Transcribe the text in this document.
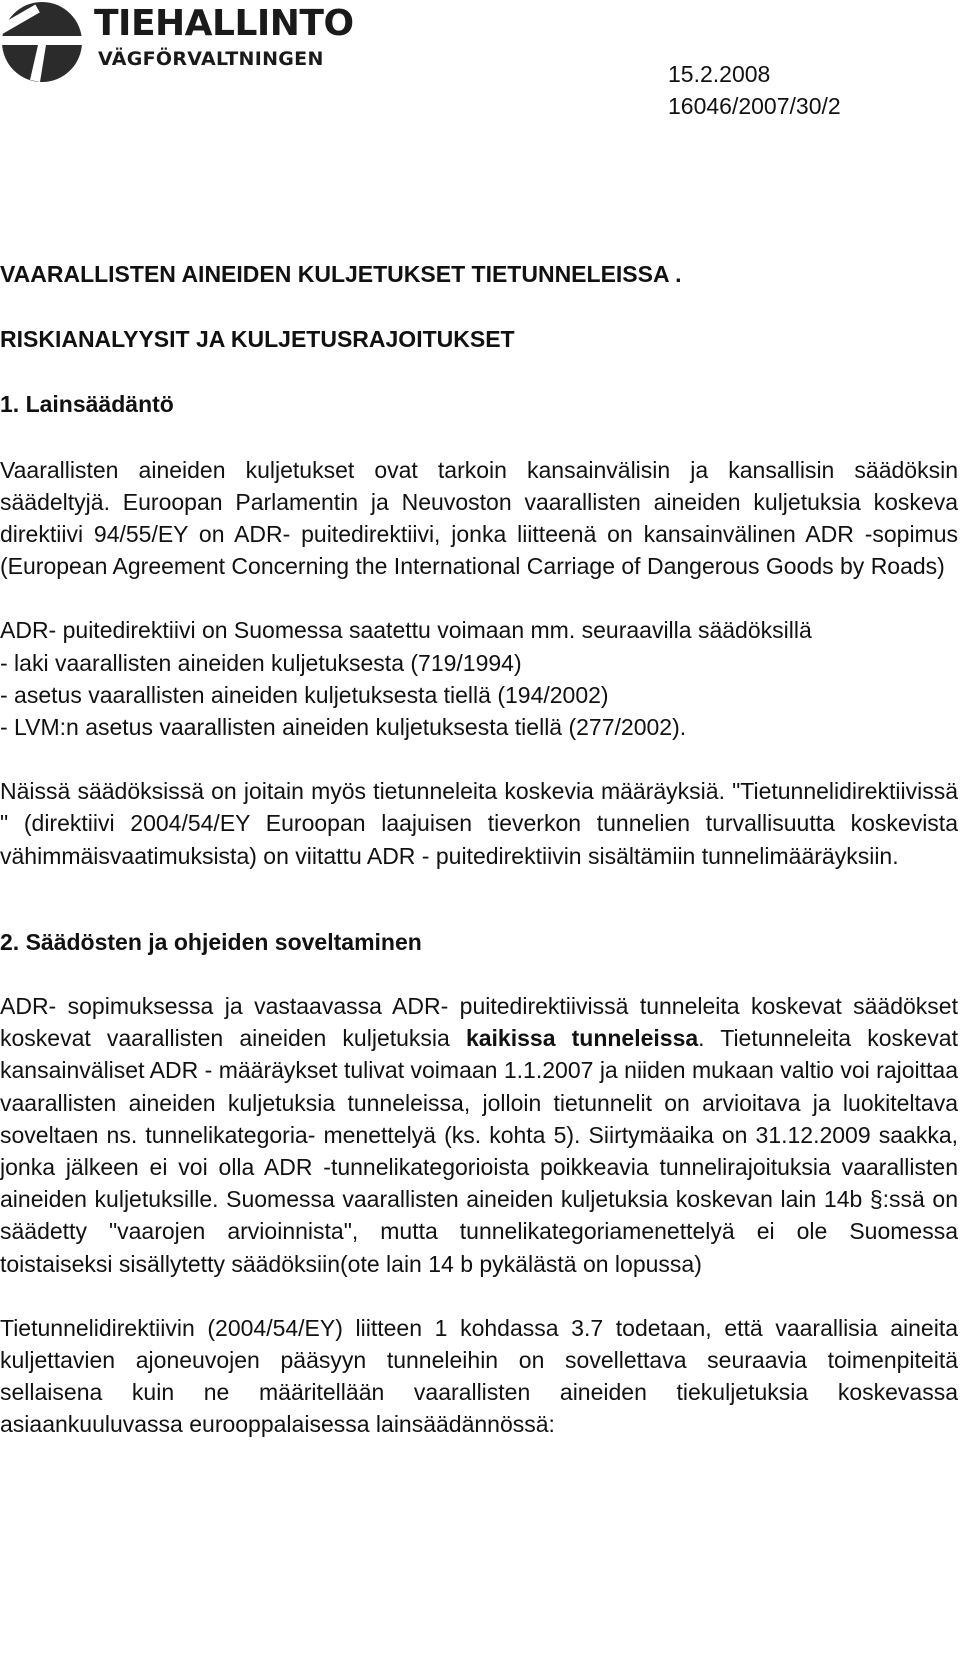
TIEHALLINTO
VÄGFÖRVALTNINGEN
15.2.2008
16046/2007/30/2
VAARALLISTEN AINEIDEN KULJETUKSET TIETUNNELEISSA .
RISKIANALYYSIT JA KULJETUSRAJOITUKSET
1. Lainsäädäntö

Vaarallisten aineiden kuljetukset ovat tarkoin kansainvälisin ja kansallisin säädöksin säädeltyjä. Euroopan Parlamentin ja Neuvoston vaarallisten aineiden kuljetuksia koskeva direktiivi 94/55/EY on ADR- puitedirektiivi, jonka liitteenä on kansainvälinen ADR -sopimus (European Agreement Concerning the International Carriage of Dangerous Goods by Roads)

ADR- puitedirektiivi on Suomessa saatettu voimaan mm. seuraavilla säädöksillä

- laki vaarallisten aineiden kuljetuksesta (719/1994)
- asetus vaarallisten aineiden kuljetuksesta tiellä (194/2002)
- LVM:n asetus vaarallisten aineiden kuljetuksesta tiellä (277/2002).

Näissä säädöksissä on joitain myös tietunneleita koskevia määräyksiä. "Tietunnelidirektiivissä " (direktiivi 2004/54/EY Euroopan laajuisen tieverkon tunnelien turvallisuutta koskevista vähimmäisvaatimuksista) on viitattu ADR - puitedirektiivin sisältämiin tunnelimääräyksiin.

2. Säädösten ja ohjeiden soveltaminen

ADR- sopimuksessa ja vastaavassa ADR- puitedirektiivissä tunneleita koskevat säädökset koskevat vaarallisten aineiden kuljetuksia kaikissa tunneleissa. Tietunneleita koskevat kansainväliset ADR - määräykset tulivat voimaan 1.1.2007 ja niiden mukaan valtio voi rajoittaa vaarallisten aineiden kuljetuksia tunneleissa, jolloin tietunnelit on arvioitava ja luokiteltava soveltaen ns. tunnelikategoria- menettelyä (ks. kohta 5). Siirtymäaika on 31.12.2009 saakka, jonka jälkeen ei voi olla ADR -tunnelikategorioista poikkeavia tunnelirajoituksia vaarallisten aineiden kuljetuksille. Suomessa vaarallisten aineiden kuljetuksia koskevan lain 14b §:ssä on säädetty "vaarojen arvioinnista", mutta tunnelikategoriamenettelyä ei ole Suomessa toistaiseksi sisällytetty säädöksiin(ote lain 14 b pykälästä on lopussa)

Tietunnelidirektiivin (2004/54/EY) liitteen 1 kohdassa 3.7 todetaan, että vaarallisia aineita kuljettavien ajoneuvojen pääsyyn tunneleihin on sovellettava seuraavia toimenpiteitä sellaisena kuin ne määritellään vaarallisten aineiden tiekuljetuksia koskevassa asiaankuuluvassa eurooppalaisessa lainsäädännössä:
